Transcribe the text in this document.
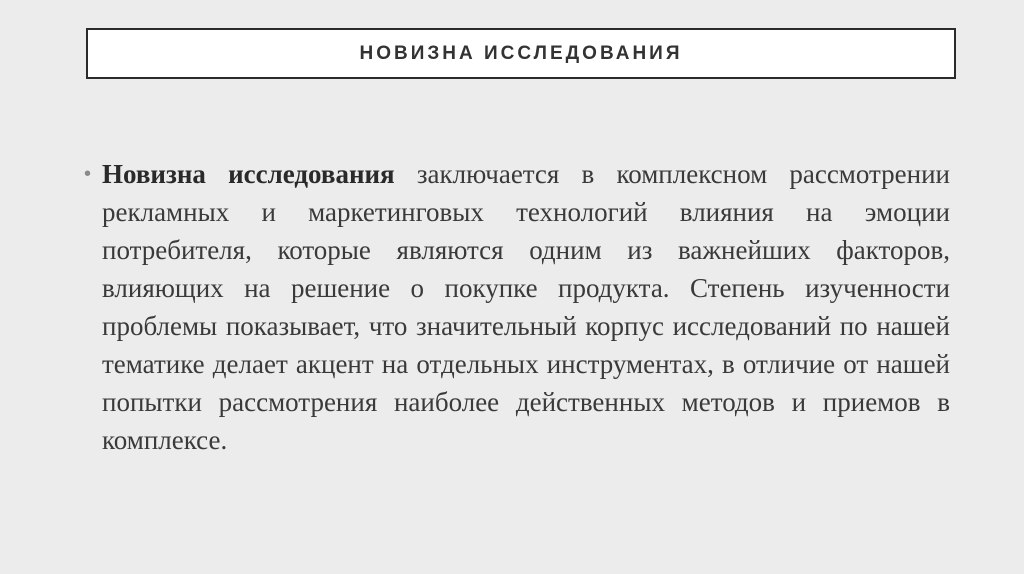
НОВИЗНА ИССЛЕДОВАНИЯ
• Новизна исследования заключается в комплексном рассмотрении рекламных и маркетинговых технологий влияния на эмоции потребителя, которые являются одним из важнейших факторов, влияющих на решение о покупке продукта. Степень изученности проблемы показывает, что значительный корпус исследований по нашей тематике делает акцент на отдельных инструментах, в отличие от нашей попытки рассмотрения наиболее действенных методов и приемов в комплексе.
